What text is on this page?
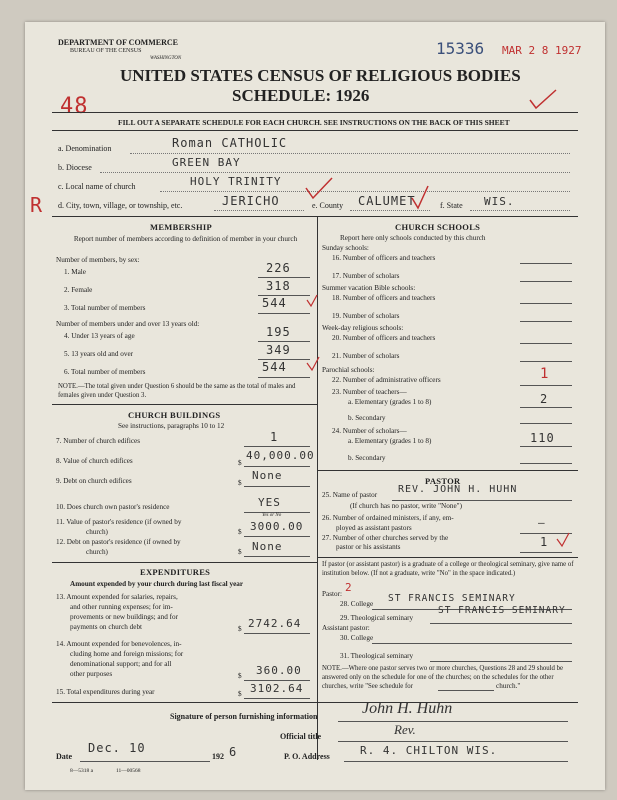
DEPARTMENT OF COMMERCE
BUREAU OF THE CENSUS
WASHINGTON
15336 MAR 2 8 1927
UNITED STATES CENSUS OF RELIGIOUS BODIES
SCHEDULE: 1926
48
FILL OUT A SEPARATE SCHEDULE FOR EACH CHURCH. SEE INSTRUCTIONS ON THE BACK OF THIS SHEET
a. Denomination	Roman CATHOLIC
b. Diocese	GREEN BAY
c. Local name of church	HOLY TRINITY
d. City, town, village, or township, etc.
R	JERICHO	e. County CALUMET	f. State WIS.
MEMBERSHIP
Report number of members according to definition of member in your church
Number of members, by sex:
1. Male	226
2. Female	318
3. Total number of members	544
Number of members under and over 13 years old:
4. Under 13 years of age	195
5. 13 years old and over	349
6. Total number of members	544
NOTE.—The total given under Question 6 should be the same as the total of males and females given under Question 3.
CHURCH BUILDINGS
See instructions, paragraphs 10 to 12
7. Number of church edifices	1
8. Value of church edifices	$
40,000.00
9. Debt on church edifices	$
None
10. Does church own pastor's residence	YES
Yes or No
11. Value of pastor's residence (if owned by
church)	$ 3000.00
12. Debt on pastor's residence (if owned by
church)	$ None
EXPENDITURES
Amount expended by your church during last fiscal year
13. Amount expended for salaries, repairs,
and other running expenses; for im-
provements or new buildings; and for
payments on church debt	$ 2742.64
14. Amount expended for benevolences, in-
cluding home and foreign missions; for
denominational support; and for all
other purposes	$ 360.00
15. Total expenditures during year	$ 3102.64
CHURCH SCHOOLS
Report here only schools conducted by this church
Sunday schools:
16. Number of officers and teachers
17. Number of scholars
Summer vacation Bible schools:
18. Number of officers and teachers
19. Number of scholars
Week-day religious schools:
20. Number of officers and teachers
21. Number of scholars
Parochial schools:
22. Number of administrative officers	1
23. Number of teachers—
a. Elementary (grades 1 to 8)	2
b. Secondary
24. Number of scholars—
a. Elementary (grades 1 to 8)	110
b. Secondary
PASTOR
25. Name of pastor REV. JOHN H. HUHN
(If church has no pastor, write "None")
26. Number of ordained ministers, if any, em-
ployed as assistant pastors	–
27. Number of other churches served by the
pastor or his assistants	1
If pastor (or assistant pastor) is a graduate of a college or theological seminary, give name of institution below. (If not a graduate, write "No" in the space indicated.)
Pastor: 2
28. College ST FRANCIS SEMINARY
29. Theological seminary
ST FRANCIS SEMINARY
Assistant pastor:
30. College
31. Theological seminary
NOTE.—Where one pastor serves two or more churches, Questions 28 and 29 should be answered only on the schedule for one of the churches; on the schedules for the other churches, write "See schedule for	church."
Signature of person furnishing information	John H. Huhn
Official title	Rev.
Date
Dec. 10
192 6	P. O. Address	R. 4. CHILTON WIS.
8—5318 a	11—00568
